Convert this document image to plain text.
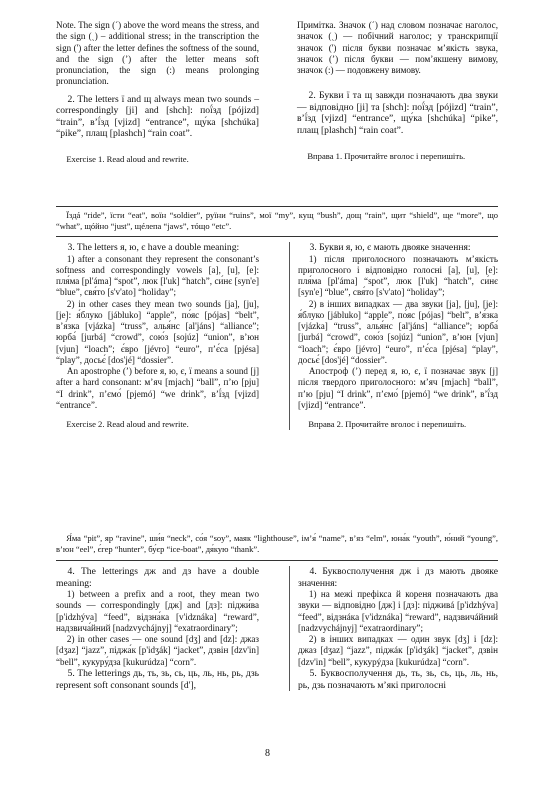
Note. The sign (´) above the word means the stress, and the sign (ˏ) – additional stress; in the transcription the sign (') after the letter defines the softness of the sound, and the sign (’) after the letter means soft pronunciation, the sign (:) means prolonging pronunciation.

2. The letters ї and щ always mean two sounds – correspondingly [ji] and [shch]: пої́зд [pójizd] “train”, в’ї́зд [vjizd] “entrance”, щу́ка [shchúka] “pike”, плащ [plashch] “rain coat”.

Exercise 1. Read aloud and rewrite.

Примітка. Значок (´) над словом позначає наголос, значок (ˏ) — побічний наголос; у транскрипції значок (') після букви позначає м’якість звука, значок (’) після букви — пом’якшену вимову, значок (:) — подовжену вимову.

2. Букви ї та щ завжди позначають два звуки — відповідно [ji] та [shch]: пої́зд [pójizd] “train”, в’ї́зд [vjizd] “entrance”, щу́ка [shchúka] “pike”, плащ [plashch] “rain coat”.

Вправа 1. Прочитайте вголос і перепишіть.

Їздá “ride”, їсти “eat”, вoїн “soldier”, руїни “ruins”, мoї “my”, кущ “bush”, дoщ “rain”, щит “shield”, ще “more”, щo “what”, щóйно “just”, щéлепа “jaws”, тóщо “etc”.

3. The letters я, ю, є have a double meaning:

1) after a consonant they represent the consonant’s softness and correspondingly vowels [a], [u], [e]: пля́ма [pl'áma] “spot”, люк [l'uk] “hatch”, си́нє [syn'e] “blue”, свя́то [s'v'ato] “holiday”;

2) in other cases they mean two sounds [ja], [ju], [je]: я́блуко [jábluko] “apple”, по́яс [pójas] “belt”, в’я́зка [vjázka] “truss”, алья́нс [al'jáns] “alliance”; юрба́ [jurbá] “crowd”, сою́з [sojúz] “union”, в’юн [vjun] “loach”; є́вро [jévro] “euro”, п’є́са [pjésa] “play”, досьє́ [dos'jé] “dossier”.

An apostrophe (’) before я, ю, є, ї means a sound [j] after a hard consonant: м’яч [mjach] “ball”, п’ю [pju] “I drink”, п’ємо́ [pjemó] “we drink”, в’ї́зд [vjizd] “entrance”.

Exercise 2. Read aloud and rewrite.

3. Букви я, ю, є мають двояке значення:

1) після приголосного позначають м’якість приголосного і відповідно голосні [a], [u], [e]: пля́ма [pl'áma] “spot”, люк [l'uk] “hatch”, си́нє [syn'e] “blue”, свя́то [s'v'ato] “holiday”;

2) в інших випадках — два звуки [ja], [ju], [je]: я́блуко [jábluko] “apple”, по́яс [pójas] “belt”, в’я́зка [vjázka] “truss”, алья́нс [al'jáns] “alliance”; юрба́ [jurbá] “crowd”, сою́з [sojúz] “union”, в’юн [vjun] “loach”; є́вро [jévro] “euro”, п’є́са [pjésa] “play”, досьє́ [dos'jé] “dossier”.

Апостроф (’) перед я, ю, є, ї позначає звук [j] після твердого приголосного: м’яч [mjach] “ball”, п’ю [pju] “I drink”, п’ємо́ [pjemó] “we drink”, в’ї́зд [vjizd] “entrance”.

Вправа 2. Прочитайте вголос і перепишіть.

Я́ма “pit”, яр “ravine”, ши́я “neck”, со́я “soy”, маяк “lighthouse”, ім’я́ “name”, в’яз “elm”, юна́к “youth”, ю́ний “young”, в’юн “eel”, є́гер “hunter”, бу́єр “ice-boat”, дя́кую “thank”.

4. The letterings дж and дз have a double meaning:

1) between a prefix and a root, they mean two sounds — correspondingly [дж] and [дз]: піджи́ва [p'idzhýva] “feed”, відзна́ка [v'idznáka] “reward”, надзвича́йний [nadzvycháјnyj] “exatraordinary”;

2) in other cases — one sound [dʒ] and [dz]: джаз [dʒaz] “jazz”, піджа́к [p'idʒák] “jacket”, дзвін [dzv'in] “bell”, кукуру́дза [kukurúdza] “corn”.

5. The letterings дь, ть, зь, сь, ць, ль, нь, рь, дзь represent soft consonant sounds [d'],

4. Буквосполучення дж і дз мають двояке значення:

1) на межі префікса й кореня позначають два звуки — відповідно [дж] і [дз]: підживá [p'idzhýva] “feed”, відзнáка [v'idznáka] “reward”, надзвичáйний [nadzvycháјnyj] “exatraordinary”;

2) в інших випадках — один звук [dʒ] і [dz]: джаз [dʒaz] “jazz”, піджáк [p'idʒák] “jacket”, дзвін [dzv'in] “bell”, кукурýдза [kukurúdza] “corn”.

5. Буквосполучення дь, ть, зь, сь, ць, ль, нь, рь, дзь позначають м’які приголосні

8
